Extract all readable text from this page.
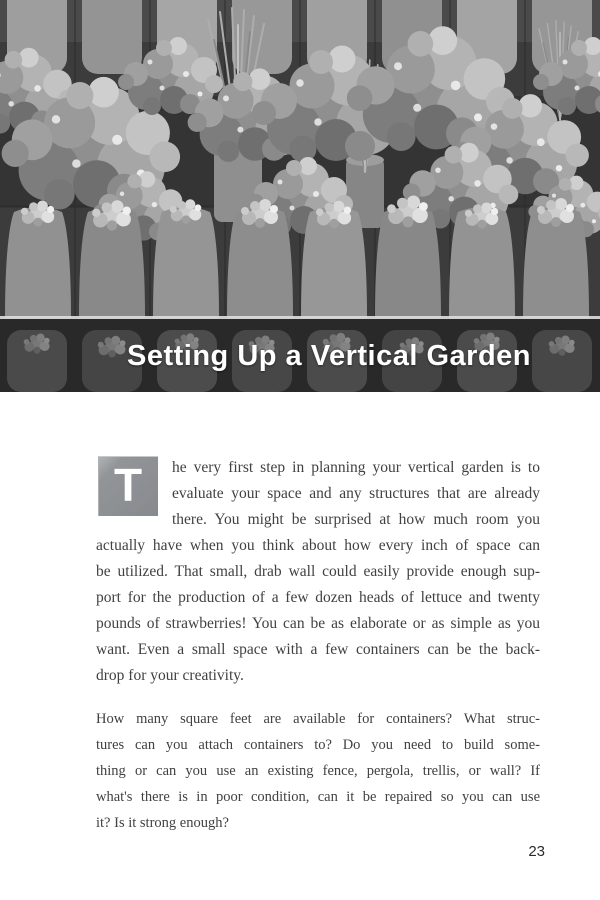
Setting Up a Vertical Garden
T	he very first step in planning your vertical garden is to
evaluate your space and any structures that are already
there. You might be surprised at how much room you
actually have when you think about how every inch of space can
be utilized. That small, drab wall could easily provide enough sup-
port for the production of a few dozen heads of lettuce and twenty
pounds of strawberries! You can be as elaborate or as simple as you
want. Even a small space with a few containers can be the back-
drop for your creativity.
How many square feet are available for containers? What struc-
tures can you attach containers to? Do you need to build some-
thing or can you use an existing fence, pergola, trellis, or wall? If
what's there is in poor condition, can it be repaired so you can use
it? Is it strong enough?
23
